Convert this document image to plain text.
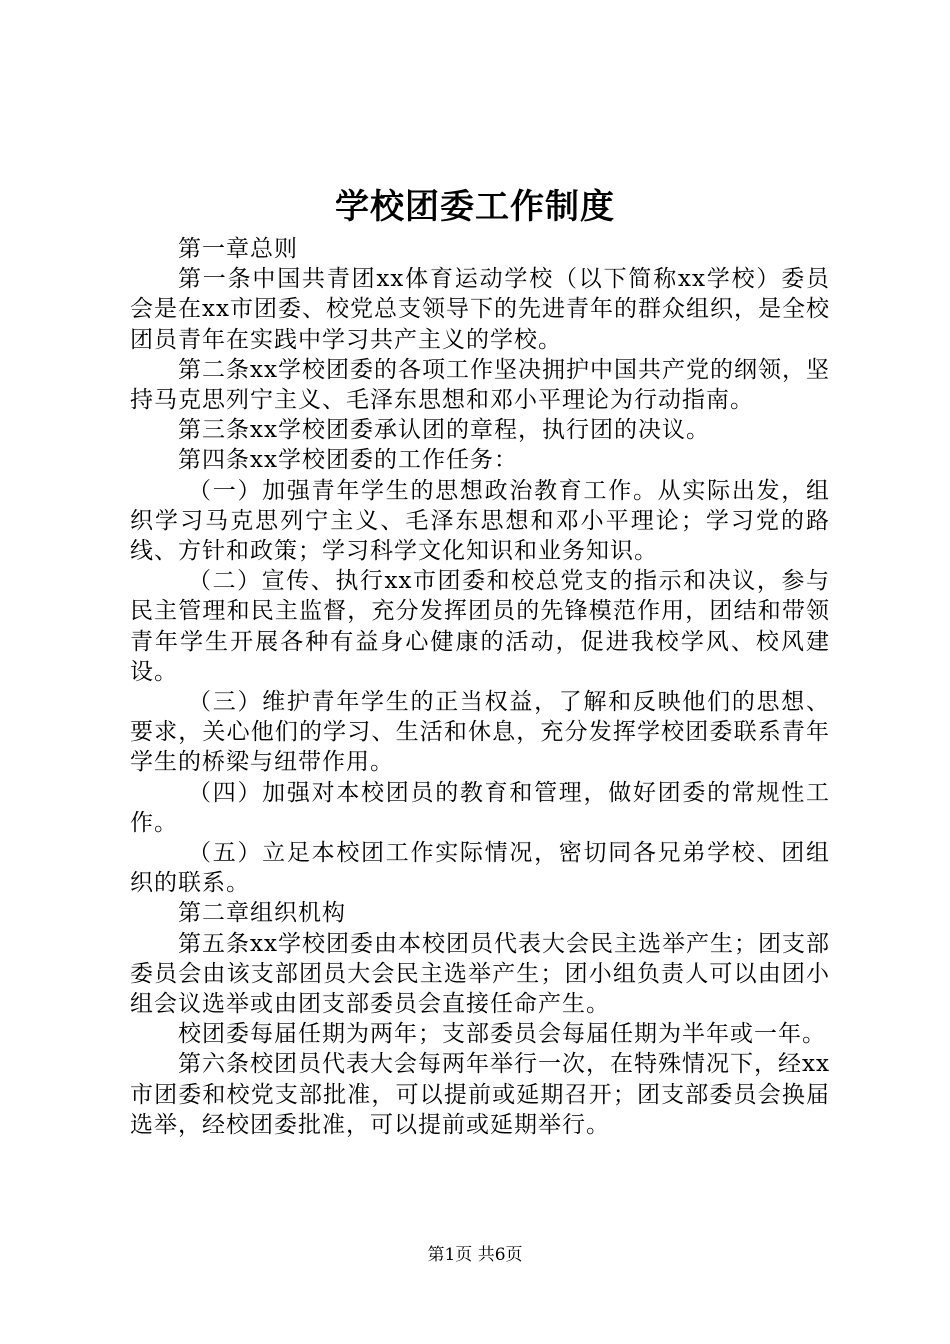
学校团委工作制度

第一章总则

第一条中国共青团xx体育运动学校（以下简称xx学校）委员会是在xx市团委、校党总支领导下的先进青年的群众组织，是全校团员青年在实践中学习共产主义的学校。

第二条xx学校团委的各项工作坚决拥护中国共产党的纲领，坚持马克思列宁主义、毛泽东思想和邓小平理论为行动指南。

第三条xx学校团委承认团的章程，执行团的决议。

第四条xx学校团委的工作任务：

（一）加强青年学生的思想政治教育工作。从实际出发，组织学习马克思列宁主义、毛泽东思想和邓小平理论；学习党的路线、方针和政策；学习科学文化知识和业务知识。

（二）宣传、执行xx市团委和校总党支的指示和决议，参与民主管理和民主监督，充分发挥团员的先锋模范作用，团结和带领青年学生开展各种有益身心健康的活动，促进我校学风、校风建设。

（三）维护青年学生的正当权益，了解和反映他们的思想、要求，关心他们的学习、生活和休息，充分发挥学校团委联系青年学生的桥梁与纽带作用。

（四）加强对本校团员的教育和管理，做好团委的常规性工作。

（五）立足本校团工作实际情况，密切同各兄弟学校、团组织的联系。

第二章组织机构

第五条xx学校团委由本校团员代表大会民主选举产生；团支部委员会由该支部团员大会民主选举产生；团小组负责人可以由团小组会议选举或由团支部委员会直接任命产生。

校团委每届任期为两年；支部委员会每届任期为半年或一年。

第六条校团员代表大会每两年举行一次，在特殊情况下，经xx市团委和校党支部批准，可以提前或延期召开；团支部委员会换届选举，经校团委批准，可以提前或延期举行。

第1页 共6页
